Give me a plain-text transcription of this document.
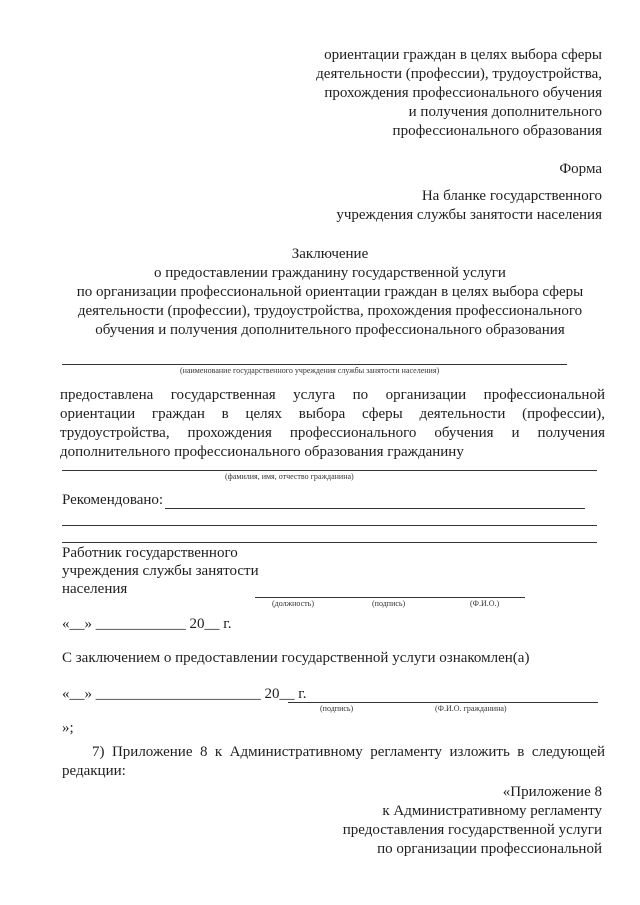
ориентации граждан в целях выбора сферы
деятельности (профессии), трудоустройства,
прохождения профессионального обучения
и получения дополнительного
профессионального образования
Форма
На бланке государственного
учреждения службы занятости населения
Заключение
о предоставлении гражданину государственной услуги
по организации профессиональной ориентации граждан в целях выбора сферы
деятельности (профессии), трудоустройства, прохождения профессионального
обучения и получения дополнительного профессионального образования
(наименование государственного учреждения службы занятости населения)
предоставлена государственная услуга по организации профессиональной
ориентации граждан в целях выбора сферы деятельности (профессии),
трудоустройства, прохождения профессионального обучения и получения
дополнительного профессионального образования гражданину
(фамилия, имя, отчество гражданина)
Рекомендовано:
Работник государственного
учреждения службы занятости
населения
(должность)	(подпись)	(Ф.И.О.)
«__» ____________ 20__ г.
С заключением о предоставлении государственной услуги ознакомлен(а)
«__» ______________________ 20__ г.
(подпись)	(Ф.И.О. гражданина)
»;
7) Приложение 8 к Административному регламенту изложить в следующей
редакции:
«Приложение 8
к Административному регламенту
предоставления государственной услуги
по организации профессиональной
